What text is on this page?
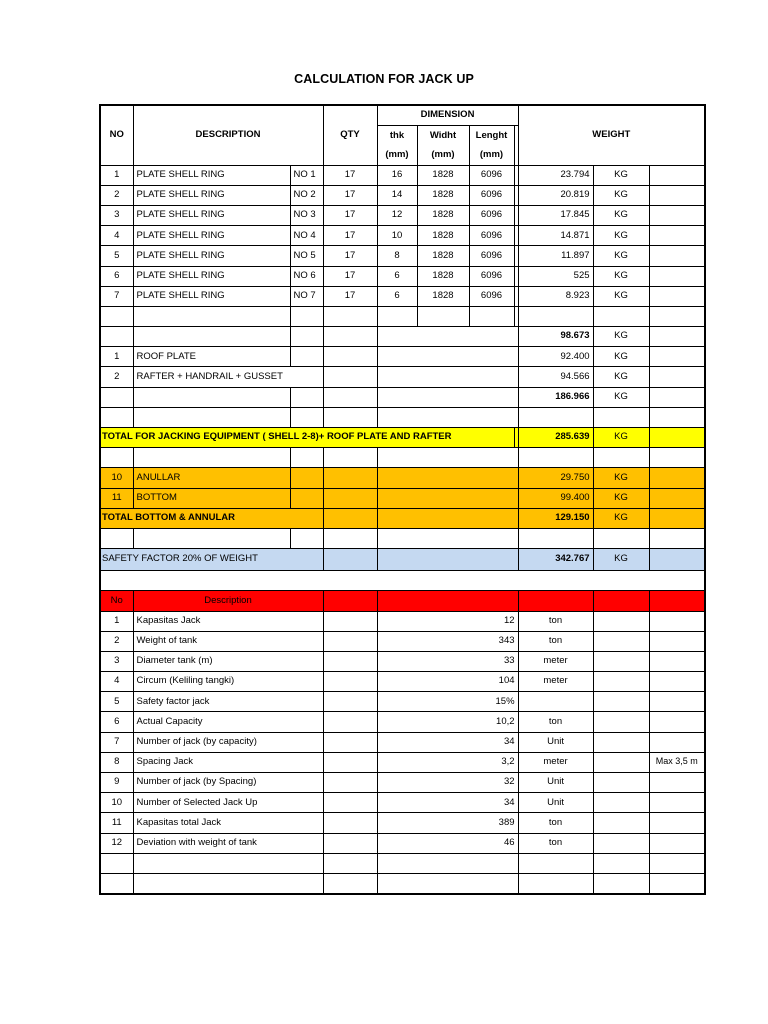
CALCULATION FOR JACK UP
NO	DESCRIPTION		QTY	DIMENSION				WEIGHT		
				thk	Widht	Lenght				
				(mm)	(mm)	(mm)				
1	PLATE SHELL RING	NO 1	17	16	1828	6096		23.794	KG	
2	PLATE SHELL RING	NO 2	17	14	1828	6096		20.819	KG	
3	PLATE SHELL RING	NO 3	17	12	1828	6096		17.845	KG	
4	PLATE SHELL RING	NO 4	17	10	1828	6096		14.871	KG	
5	PLATE SHELL RING	NO 5	17	8	1828	6096		11.897	KG	
6	PLATE SHELL RING	NO 6	17	6	1828	6096		525	KG	
7	PLATE SHELL RING	NO 7	17	6	1828	6096		8.923	KG	

								98.673	KG	
1	ROOF PLATE							92.400	KG	
2	RAFTER + HANDRAIL + GUSSET							94.566	KG	
								186.966	KG	

TOTAL FOR JACKING EQUIPMENT ( SHELL 2-8)+ ROOF PLATE AND RAFTER								285.639	KG	

10	ANULLAR							29.750	KG	
11	BOTTOM							99.400	KG	
TOTAL BOTTOM & ANNULAR								129.150	KG	

SAFETY FACTOR 20% OF WEIGHT								342.767	KG	

No	Description									
1	Kapasitas Jack			12				ton		
2	Weight of tank			343				ton		
3	Diameter tank (m)			33				meter		
4	Circum (Keliling tangki)			104				meter		
5	Safety factor jack			15%						
6	Actual Capacity			10,2				ton		
7	Number of jack (by capacity)			34				Unit		
8	Spacing Jack			3,2				meter		Max 3,5 m
9	Number of jack (by Spacing)			32				Unit		
10	Number of Selected Jack Up			34				Unit		
11	Kapasitas total Jack			389				ton		
12	Deviation with weight of tank			46				ton		
